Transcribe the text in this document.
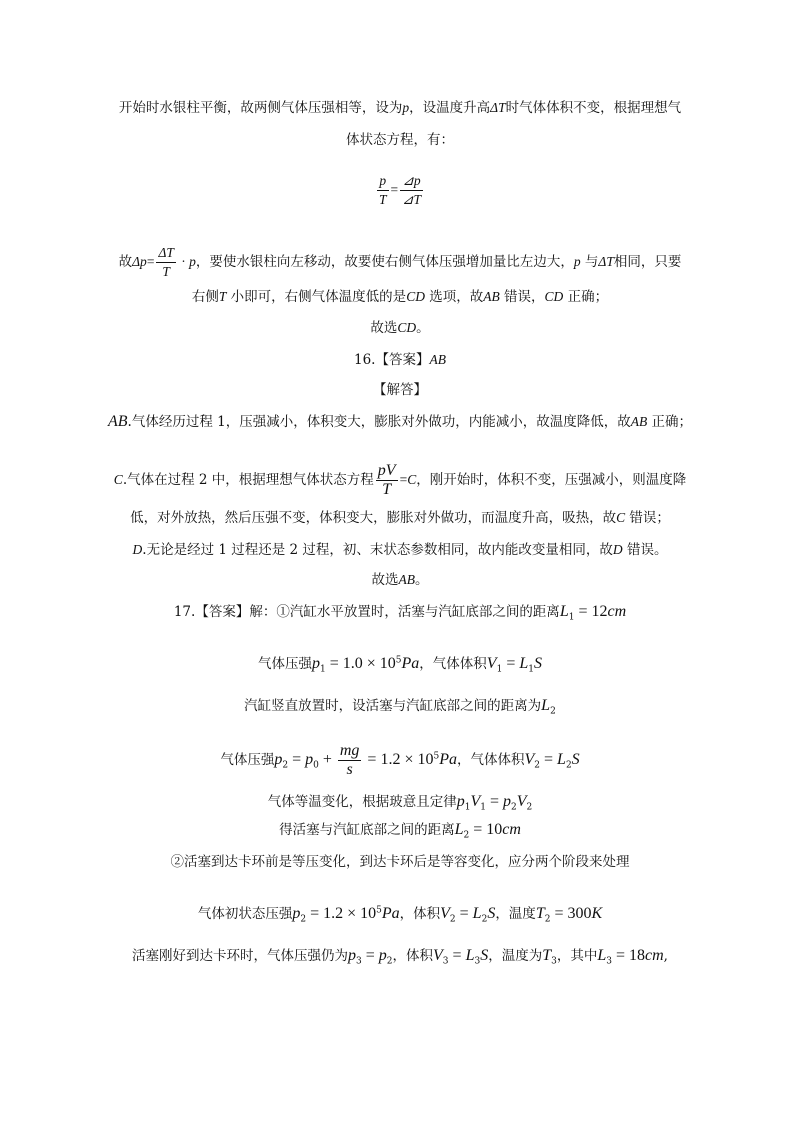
开始时水银柱平衡，故两侧气体压强相等，设为p，设温度升高ΔT时气体体积不变，根据理想气
体状态方程，有：
$\frac{p}{T} = \frac{⊿p}{⊿T}$
故$\Delta p= \frac{\Delta T}{T} \cdot p$，要使水银柱向左移动，故要使右侧气体压强增加量比左边大，p 与ΔT相同，只要
右侧T 小即可，右侧气体温度低的是CD 选项，故AB 错误，CD 正确；
故选CD。
16.【答案】AB
【解答】
AB.气体经历过程 1，压强减小，体积变大，膨胀对外做功，内能减小，故温度降低，故AB 正确；
C.气体在过程 2 中，根据理想气体状态方程 $\frac{pV}{T} =C$，刚开始时，体积不变，压强减小，则温度降
低，对外放热，然后压强不变，体积变大，膨胀对外做功，而温度升高，吸热，故C 错误；
D.无论是经过 1 过程还是 2 过程，初、末状态参数相同，故内能改变量相同，故D 错误。
故选AB。
17.【答案】解：①汽缸水平放置时，活塞与汽缸底部之间的距离$L_1 = 12cm$
气体压强$p_1 = 1.0 \times 10^5Pa$，气体体积$V_1 = L_1S$
汽缸竖直放置时，设活塞与汽缸底部之间的距离为$L_2$
气体压强$p_2 = p_0 + \frac{mg}{s} = 1.2 \times 10^5Pa$，气体体积$V_2 = L_2S$
气体等温变化，根据玻意且定律$p_1V_1 = p_2V_2$
得活塞与汽缸底部之间的距离$L_2 = 10cm$
②活塞到达卡环前是等压变化，到达卡环后是等容变化，应分两个阶段来处理
气体初状态压强$p_2 = 1.2 \times 10^5Pa$，体积$V_2 = L_2S$，温度$T_2 = 300K$
活塞刚好到达卡环时，气体压强仍为$p_3 = p_2$，体积$V_3 = L_3S$，温度为$T_3$，其中$L_3 = 18cm$,
